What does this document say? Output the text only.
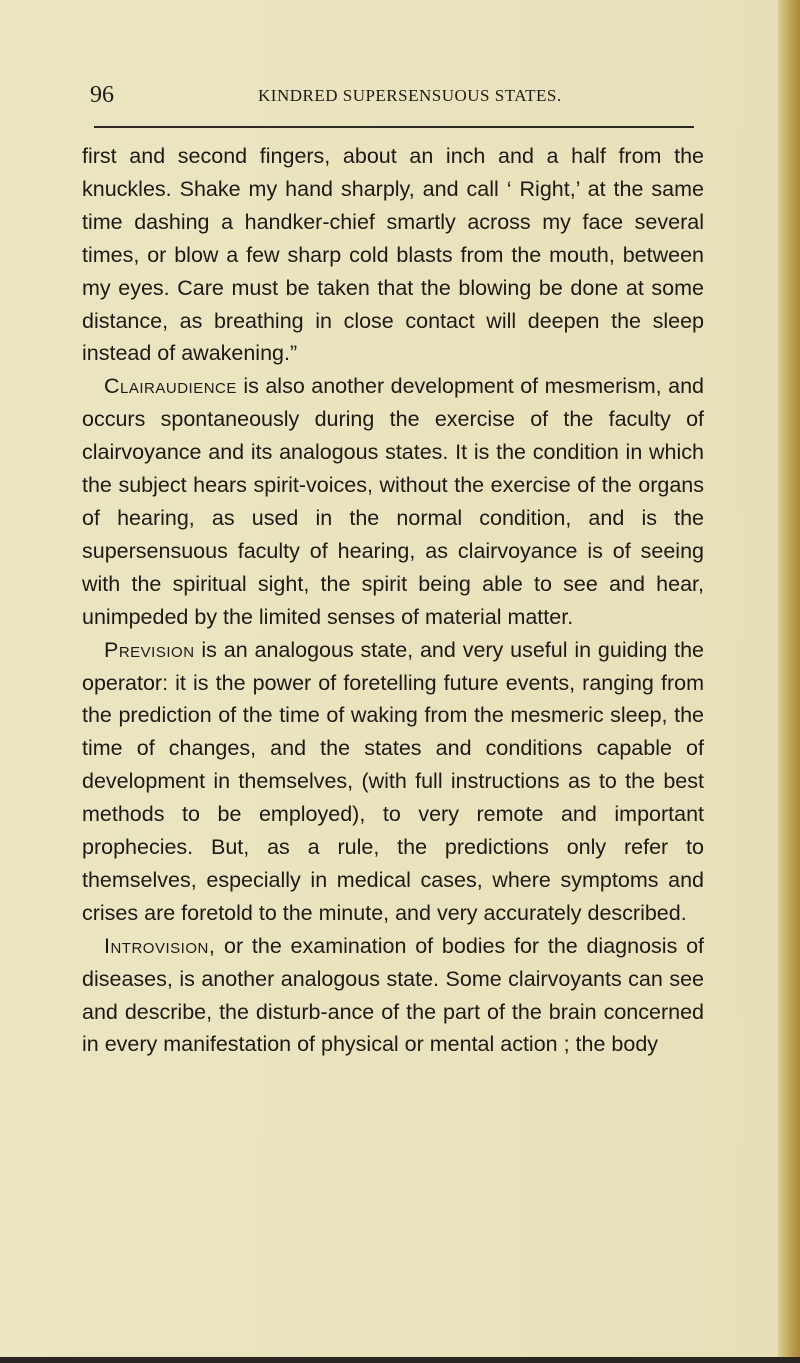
96	KINDRED SUPERSENSUOUS STATES.

first and second fingers, about an inch and a half from the knuckles. Shake my hand sharply, and call ‘ Right,’ at the same time dashing a handker-chief smartly across my face several times, or blow a few sharp cold blasts from the mouth, between my eyes. Care must be taken that the blowing be done at some distance, as breathing in close contact will deepen the sleep instead of awakening.”

Clairaudience is also another development of mesmerism, and occurs spontaneously during the exercise of the faculty of clairvoyance and its analogous states. It is the condition in which the subject hears spirit-voices, without the exercise of the organs of hearing, as used in the normal condition, and is the supersensuous faculty of hearing, as clairvoyance is of seeing with the spiritual sight, the spirit being able to see and hear, unimpeded by the limited senses of material matter.

Prevision is an analogous state, and very useful in guiding the operator: it is the power of foretelling future events, ranging from the prediction of the time of waking from the mesmeric sleep, the time of changes, and the states and conditions capable of development in themselves, (with full instructions as to the best methods to be employed), to very remote and important prophecies. But, as a rule, the predictions only refer to themselves, especially in medical cases, where symptoms and crises are foretold to the minute, and very accurately described.

Introvision, or the examination of bodies for the diagnosis of diseases, is another analogous state. Some clairvoyants can see and describe, the disturb-ance of the part of the brain concerned in every manifestation of physical or mental action ; the body
